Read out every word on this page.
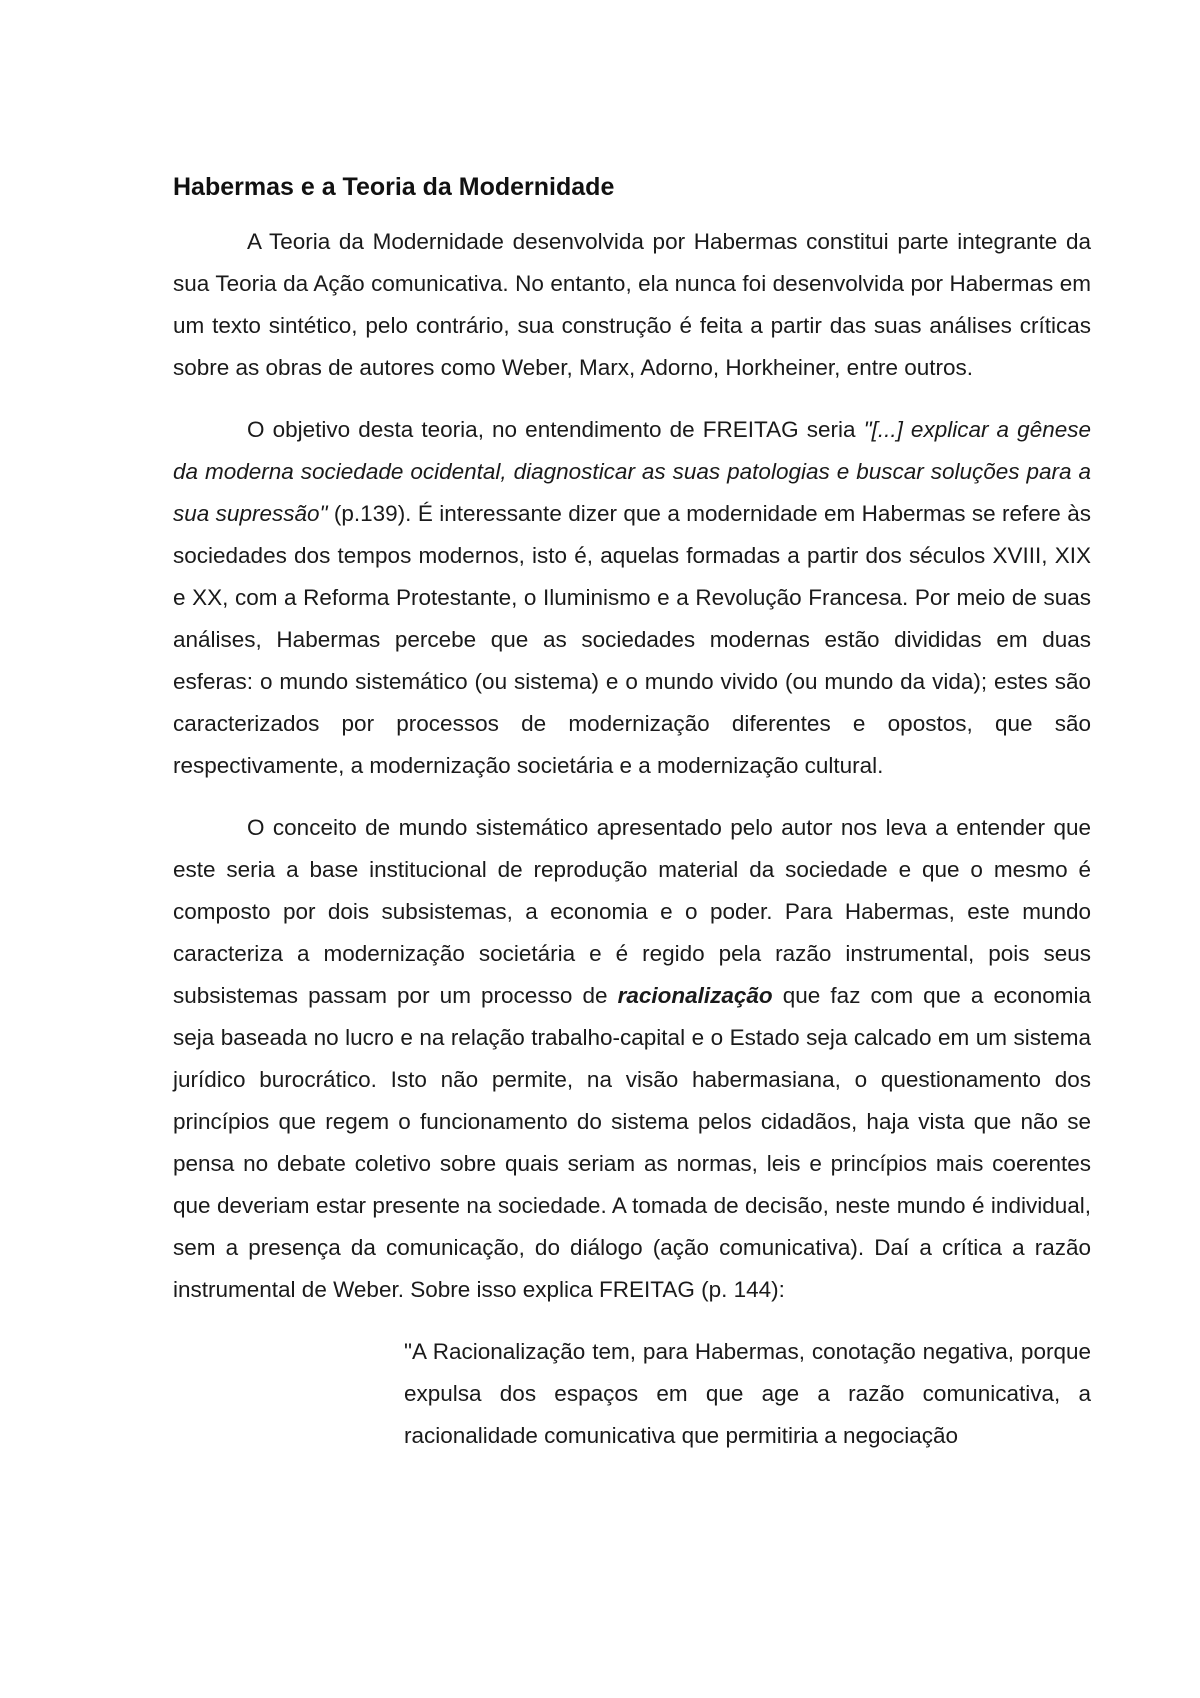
Habermas e a Teoria da Modernidade

A Teoria da Modernidade desenvolvida por Habermas constitui parte integrante da sua Teoria da Ação comunicativa. No entanto, ela nunca foi desenvolvida por Habermas em um texto sintético, pelo contrário, sua construção é feita a partir das suas análises críticas sobre as obras de autores como Weber, Marx, Adorno, Horkheiner, entre outros.

O objetivo desta teoria, no entendimento de FREITAG seria "[...] explicar a gênese da moderna sociedade ocidental, diagnosticar as suas patologias e buscar soluções para a sua supressão" (p.139). É interessante dizer que a modernidade em Habermas se refere às sociedades dos tempos modernos, isto é, aquelas formadas a partir dos séculos XVIII, XIX e XX, com a Reforma Protestante, o Iluminismo e a Revolução Francesa. Por meio de suas análises, Habermas percebe que as sociedades modernas estão divididas em duas esferas: o mundo sistemático (ou sistema) e o mundo vivido (ou mundo da vida); estes são caracterizados por processos de modernização diferentes e opostos, que são respectivamente, a modernização societária e a modernização cultural.

O conceito de mundo sistemático apresentado pelo autor nos leva a entender que este seria a base institucional de reprodução material da sociedade e que o mesmo é composto por dois subsistemas, a economia e o poder. Para Habermas, este mundo caracteriza a modernização societária e é regido pela razão instrumental, pois seus subsistemas passam por um processo de racionalização que faz com que a economia seja baseada no lucro e na relação trabalho-capital e o Estado seja calcado em um sistema jurídico burocrático. Isto não permite, na visão habermasiana, o questionamento dos princípios que regem o funcionamento do sistema pelos cidadãos, haja vista que não se pensa no debate coletivo sobre quais seriam as normas, leis e princípios mais coerentes que deveriam estar presente na sociedade. A tomada de decisão, neste mundo é individual, sem a presença da comunicação, do diálogo (ação comunicativa). Daí a crítica a razão instrumental de Weber. Sobre isso explica FREITAG (p. 144):

"A Racionalização tem, para Habermas, conotação negativa, porque expulsa dos espaços em que age a razão comunicativa, a racionalidade comunicativa que permitiria a negociação
